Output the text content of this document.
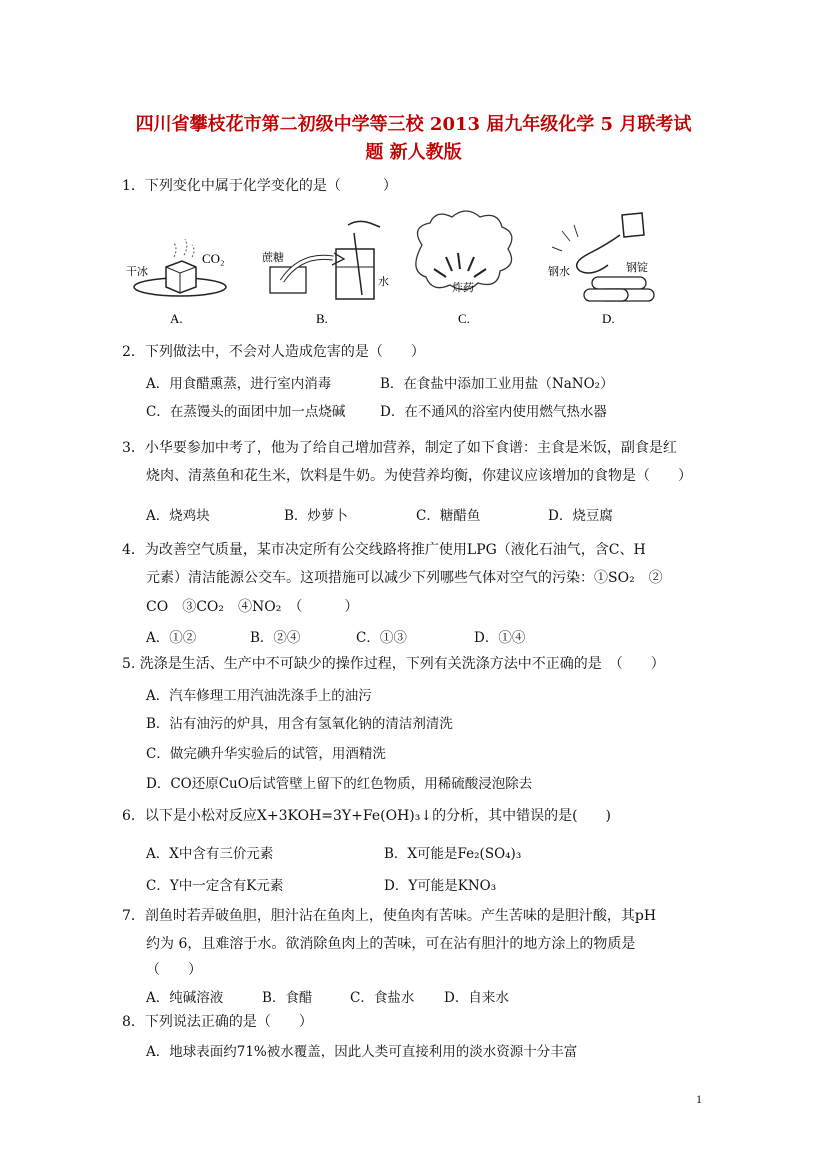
四川省攀枝花市第二初级中学等三校 2013 届九年级化学 5 月联考试
题 新人教版
1．下列变化中属于化学变化的是（　　　）
干冰
CO₂
A.
蔗糖
水
B.
炸药
C.
钢水	钢锭
D.
2．下列做法中，不会对人造成危害的是（　　）
A．用食醋熏蒸，进行室内消毒	B．在食盐中添加工业用盐（NaNO₂）
C．在蒸馒头的面团中加一点烧碱	D．在不通风的浴室内使用燃气热水器
3．小华要参加中考了，他为了给自己增加营养，制定了如下食谱：主食是米饭，副食是红
烧肉、清蒸鱼和花生米，饮料是牛奶。为使营养均衡，你建议应该增加的食物是（　　）
A．烧鸡块	B．炒萝卜	C．糖醋鱼	D．烧豆腐
4．为改善空气质量，某市决定所有公交线路将推广使用LPG（液化石油气，含C、H
元素）清洁能源公交车。这项措施可以减少下列哪些气体对空气的污染：①SO₂　②
CO　③CO₂　④NO₂　（　　　）
A．①②	B．②④	C．①③	D．①④
5. 洗涤是生活、生产中不可缺少的操作过程，下列有关洗涤方法中不正确的是　（　　）
A．汽车修理工用汽油洗涤手上的油污
B．沾有油污的炉具，用含有氢氧化钠的清洁剂清洗
C．做完碘升华实验后的试管，用酒精洗
D．CO还原CuO后试管壁上留下的红色物质，用稀硫酸浸泡除去
6．以下是小松对反应X+3KOH=3Y+Fe(OH)₃↓的分析，其中错误的是(　　)
A．X中含有三价元素	B．X可能是Fe₂(SO₄)₃
C．Y中一定含有K元素	D．Y可能是KNO₃
7．剖鱼时若弄破鱼胆，胆汁沾在鱼肉上，使鱼肉有苦味。产生苦味的是胆汁酸，其pH
约为 6，且难溶于水。欲消除鱼肉上的苦味，可在沾有胆汁的地方涂上的物质是
（　　）
A．纯碱溶液	B．食醋	C．食盐水 D．自来水
8．下列说法正确的是（　　）
A．地球表面约71%被水覆盖，因此人类可直接利用的淡水资源十分丰富
1
